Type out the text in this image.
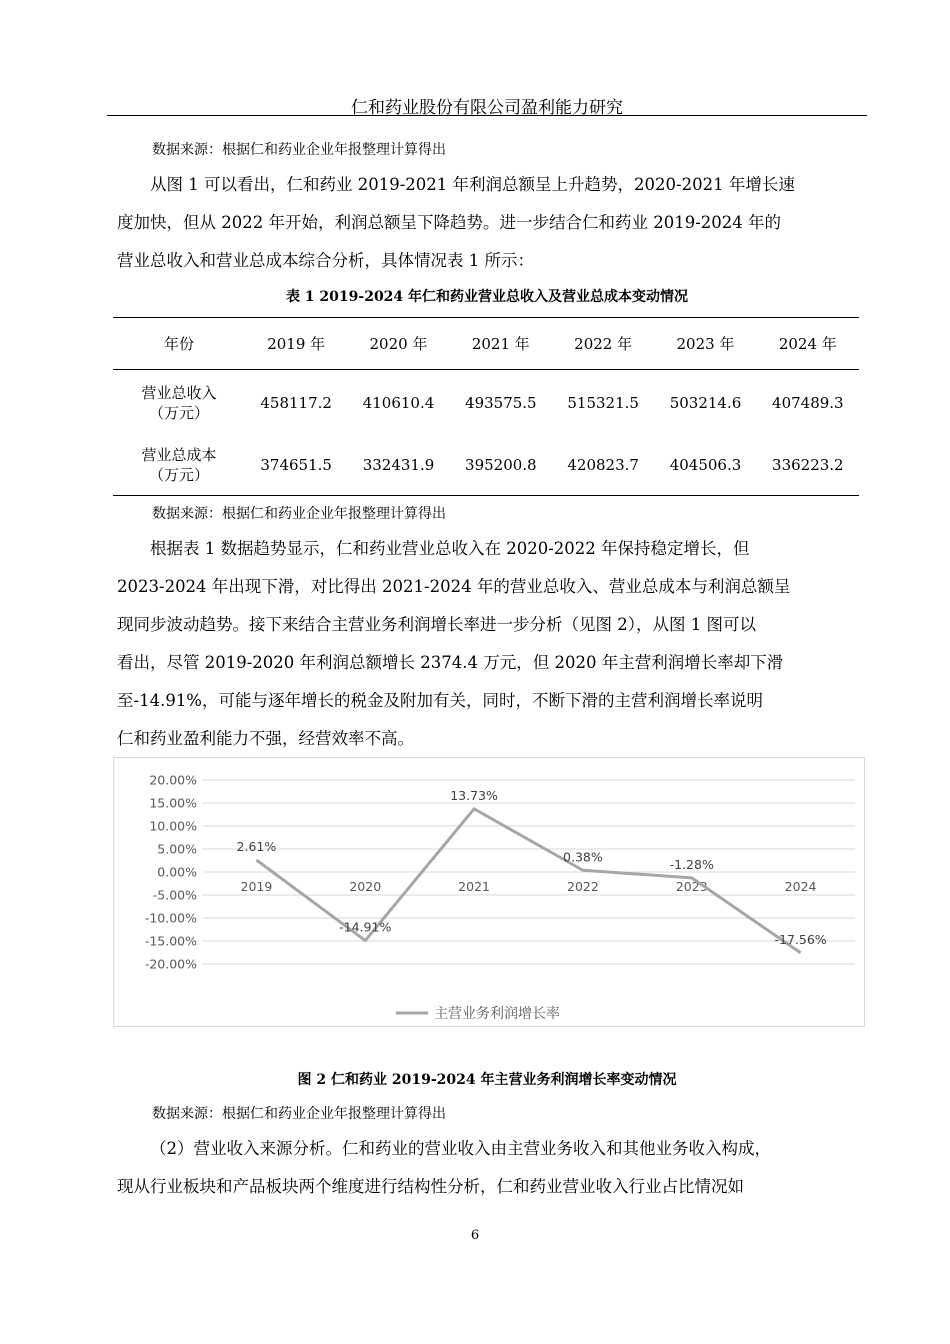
仁和药业股份有限公司盈利能力研究
数据来源：根据仁和药业企业年报整理计算得出
从图 1 可以看出，仁和药业 2019-2021 年利润总额呈上升趋势，2020-2021 年增长速
度加快，但从 2022 年开始，利润总额呈下降趋势。进一步结合仁和药业 2019-2024 年的
营业总收入和营业总成本综合分析，具体情况表 1 所示：
表 1 2019-2024 年仁和药业营业总收入及营业总成本变动情况
年份	2019 年	2020 年	2021 年	2022 年	2023 年	2024 年

营业总收入
（万元）	458117.2	410610.4	493575.5	515321.5	503214.6	407489.3

营业总成本
（万元）	374651.5	332431.9	395200.8	420823.7	404506.3	336223.2
数据来源：根据仁和药业企业年报整理计算得出
根据表 1 数据趋势显示，仁和药业营业总收入在 2020-2022 年保持稳定增长，但
2023-2024 年出现下滑，对比得出 2021-2024 年的营业总收入、营业总成本与利润总额呈
现同步波动趋势。接下来结合主营业务利润增长率进一步分析（见图 2），从图 1 图可以
看出，尽管 2019-2020 年利润总额增长 2374.4 万元，但 2020 年主营利润增长率却下滑
至-14.91%，可能与逐年增长的税金及附加有关，同时，不断下滑的主营利润增长率说明
仁和药业盈利能力不强，经营效率不高。
20.00%
15.00%
10.00%
5.00%
0.00%
-5.00%
-10.00%
-15.00%
-20.00%
2019	2020	2021	2022	2023	2024
2.61%
-14.91%
13.73%
0.38%
-1.28%
-17.56%
主营业务利润增长率
图 2 仁和药业 2019-2024 年主营业务利润增长率变动情况
数据来源：根据仁和药业企业年报整理计算得出
（2）营业收入来源分析。仁和药业的营业收入由主营业务收入和其他业务收入构成，
现从行业板块和产品板块两个维度进行结构性分析，仁和药业营业收入行业占比情况如
6
